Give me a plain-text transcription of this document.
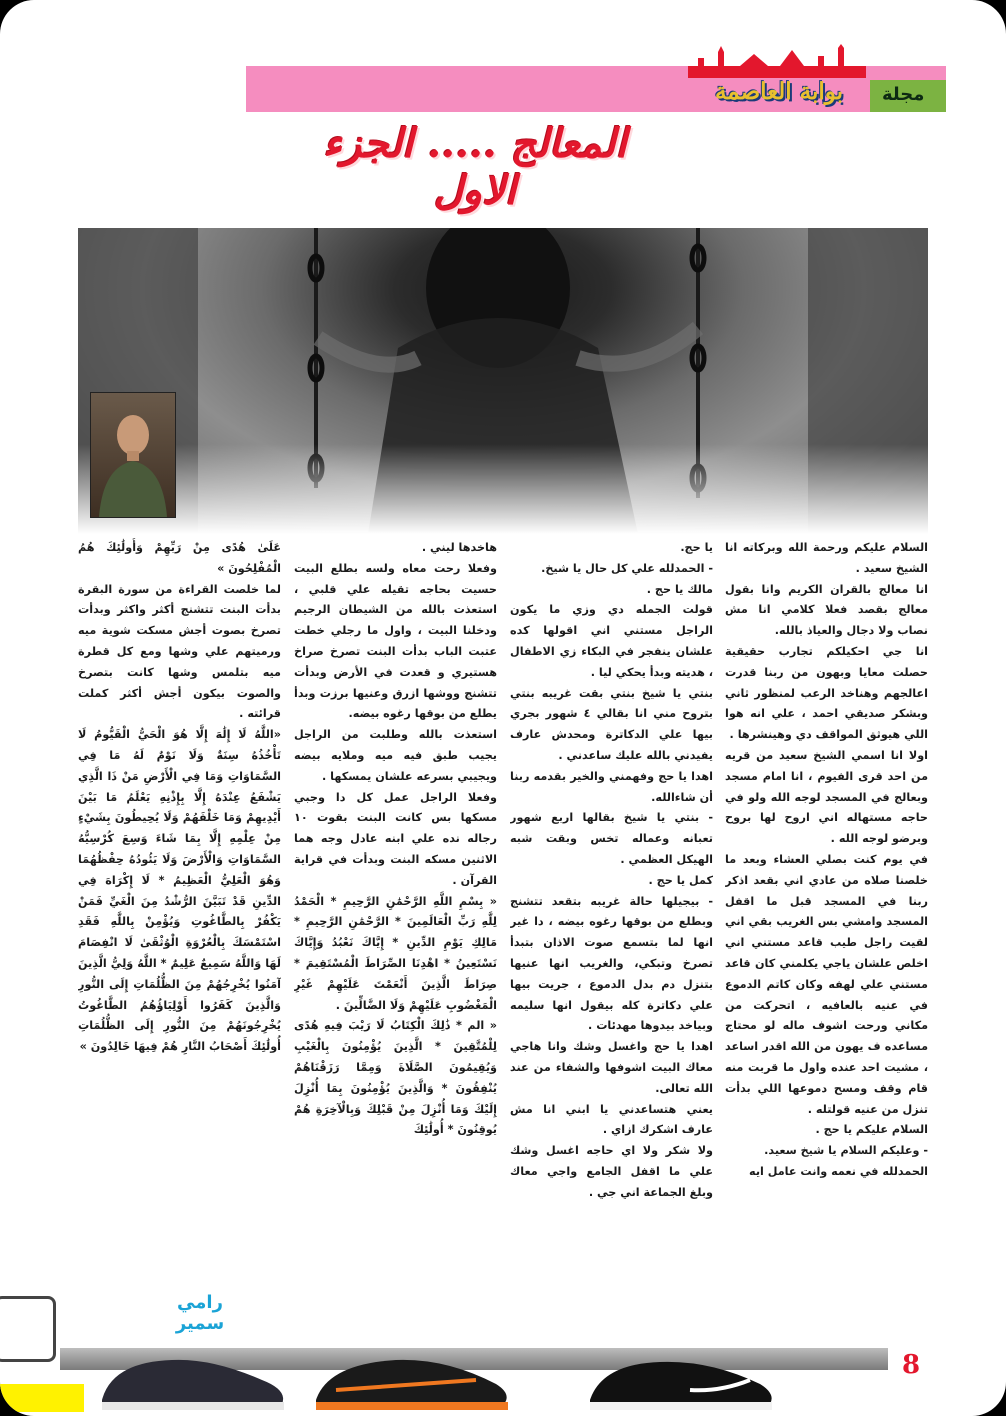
مجلة
بوابة العاصمة
المعالج ..... الجزء الاول

السلام عليكم ورحمة الله وبركاته انا الشيخ سعيد .

انا معالج بالقران الكريم وانا بقول معالج بقصد فعلا كلامي انا مش نصاب ولا دجال والعياذ بالله.

انا جي احكيلكم تجارب حقيقية حصلت معايا وبهون من ربنا قدرت اعالجهم وهناخد الرعب لمنظور ثاني وبشكر صديقي احمد ، علي انه هوا اللي هيوثق المواقف دي وهينشرها .

اولا انا اسمي الشيخ سعيد من قريه من احد قرى الفيوم ، انا امام مسجد وبعالج في المسجد لوجه الله ولو في حاجه مستهاله اني اروح لها بروح وبرضو لوجه الله .

في يوم كنت بصلي العشاء وبعد ما خلصنا صلاه من عادي اني بقعد اذكر ربنا في المسجد قبل ما اقفل المسجد وامشي بس الغريب بقي اني لقيت راجل طيب قاعد مستني اني اخلص علشان ياجي يكلمني كان قاعد مستني علي لهفه وكان كاتم الدموع في عنيه بالعافيه ، اتحركت من مكاني ورحت اشوف ماله لو محتاج مساعده ف يهون من الله اقدر اساعد ، مشيت احد عنده واول ما قربت منه قام وقف ومسح دموعها اللي بدأت تنزل من عنيه قولتله .

السلام عليكم يا حج .

- وعليكم السلام يا شيخ سعيد.

الحمدلله في نعمه وانت عامل ايه

يا حج.

- الحمدلله علي كل حال يا شيخ.

مالك يا حج .

قولت الجمله دي وزي ما يكون الراجل مستني اني اقولها كده علشان ينفجر في البكاء زي الاطفال ، هديته وبدأ يحكي ليا .

بنتي يا شيخ بنتي بقت غريبه بنتي بتروح مني انا بقالي ٤ شهور بجري بيها علي الدكاترة ومحدش عارف يفيدني بالله عليك ساعدني .

اهدا يا حج وفهمني والخير بقدمه ربنا أن شاءالله.

- بنتي يا شيخ بقالها اربع شهور تعبانه وعماله تخس وبقت شبه الهيكل العظمي .

كمل يا حج .

- بيجيلها حالة غريبه بتقعد تتشنج وبطلع من بوقها رغوه بيضه ، دا غير انها لما بتسمع صوت الاذان بتبدأ تصرخ وتبكي، والغريب انها عنيها بتنزل دم بدل الدموع ، جريت بيها علي دكاترة كله بيقول انها سليمه وبياخد بيدوها مهدئات .

اهدا يا حج واغسل وشك وانا هاجي معاك البيت اشوفها والشفاء من عند الله تعالى.

يعني هتساعدني يا ابني انا مش عارف اشكرك ازاي .

ولا شكر ولا اي حاجه اغسل وشك علي ما اقفل الجامع واجي معاك وبلغ الجماعة اني جي .

هاخدها ليني .

وفعلا رحت معاه ولسه بطلع البيت حسيت بحاجه تقيله علي قلبي ، استعذت بالله من الشيطان الرجيم ودخلنا البيت ، واول ما رجلي خطت عتبت الباب بدأت البنت تصرخ صراخ هستيري و قعدت في الأرض وبدأت تتشنج ووشها ازرق وعنيها برزت وبدأ يطلع من بوقها رغوه بيضه.

استعذت بالله وطلبت من الراجل يجيب طبق فيه ميه وملايه بيضه ويجيبي بسرعه علشان يمسكها .

وفعلا الراجل عمل كل دا وجبي مسكها بس كانت البنت بقوت ١٠ رجاله نده علي ابنه عادل وجه هما الاثنين مسكه البنت وبدأت في قراية القرآن .

« بِسْمِ اللَّهِ الرَّحْمَٰنِ الرَّحِيمِ * الْحَمْدُ لِلَّهِ رَبِّ الْعَالَمِينَ * الرَّحْمَٰنِ الرَّحِيمِ * مَالِكِ يَوْمِ الدِّينِ * إِيَّاكَ نَعْبُدُ وَإِيَّاكَ نَسْتَعِينُ * اهْدِنَا الصِّرَاطَ الْمُسْتَقِيمَ * صِرَاطَ الَّذِينَ أَنْعَمْتَ عَلَيْهِمْ غَيْرِ الْمَغْضُوبِ عَلَيْهِمْ وَلَا الضَّالِّينَ .

« الم * ذَٰلِكَ الْكِتَابُ لَا رَيْبَ فِيهِ هُدًى لِلْمُتَّقِينَ * الَّذِينَ يُؤْمِنُونَ بِالْغَيْبِ وَيُقِيمُونَ الصَّلَاةَ وَمِمَّا رَزَقْنَاهُمْ يُنْفِقُونَ * وَالَّذِينَ يُؤْمِنُونَ بِمَا أُنْزِلَ إِلَيْكَ وَمَا أُنْزِلَ مِنْ قَبْلِكَ وَبِالْآخِرَةِ هُمْ يُوقِنُونَ * أُولَٰئِكَ

عَلَىٰ هُدًى مِنْ رَبِّهِمْ وَأُولَٰئِكَ هُمُ الْمُفْلِحُونَ »

لما خلصت القراءة من سورة البقرة بدأت البنت تتشنج أكثر واكثر وبدأت تصرخ بصوت أجش مسكت شوية ميه ورميتهم علي وشها ومع كل قطرة ميه بتلمس وشها كانت بتصرخ والصوت بيكون أجش أكثر كملت قرائته .

«اللَّهُ لَا إِلَٰهَ إِلَّا هُوَ الْحَيُّ الْقَيُّومُ لَا تَأْخُذُهُ سِنَةٌ وَلَا نَوْمٌ لَهُ مَا فِي السَّمَاوَاتِ وَمَا فِي الْأَرْضِ مَنْ ذَا الَّذِي يَشْفَعُ عِنْدَهُ إِلَّا بِإِذْنِهِ يَعْلَمُ مَا بَيْنَ أَيْدِيهِمْ وَمَا خَلْفَهُمْ وَلَا يُحِيطُونَ بِشَيْءٍ مِنْ عِلْمِهِ إِلَّا بِمَا شَاءَ وَسِعَ كُرْسِيُّهُ السَّمَاوَاتِ وَالْأَرْضَ وَلَا يَئُودُهُ حِفْظُهُمَا وَهُوَ الْعَلِيُّ الْعَظِيمُ * لَا إِكْرَاهَ فِي الدِّينِ قَدْ تَبَيَّنَ الرُّشْدُ مِنَ الْغَيِّ فَمَنْ يَكْفُرْ بِالطَّاغُوتِ وَيُؤْمِنْ بِاللَّهِ فَقَدِ اسْتَمْسَكَ بِالْعُرْوَةِ الْوُثْقَىٰ لَا انْفِصَامَ لَهَا وَاللَّهُ سَمِيعٌ عَلِيمٌ * اللَّهُ وَلِيُّ الَّذِينَ آمَنُوا يُخْرِجُهُمْ مِنَ الظُّلُمَاتِ إِلَى النُّورِ وَالَّذِينَ كَفَرُوا أَوْلِيَاؤُهُمُ الطَّاغُوتُ يُخْرِجُونَهُمْ مِنَ النُّورِ إِلَى الظُّلُمَاتِ أُولَٰئِكَ أَصْحَابُ النَّارِ هُمْ فِيهَا خَالِدُونَ »

رامي سمير
8
